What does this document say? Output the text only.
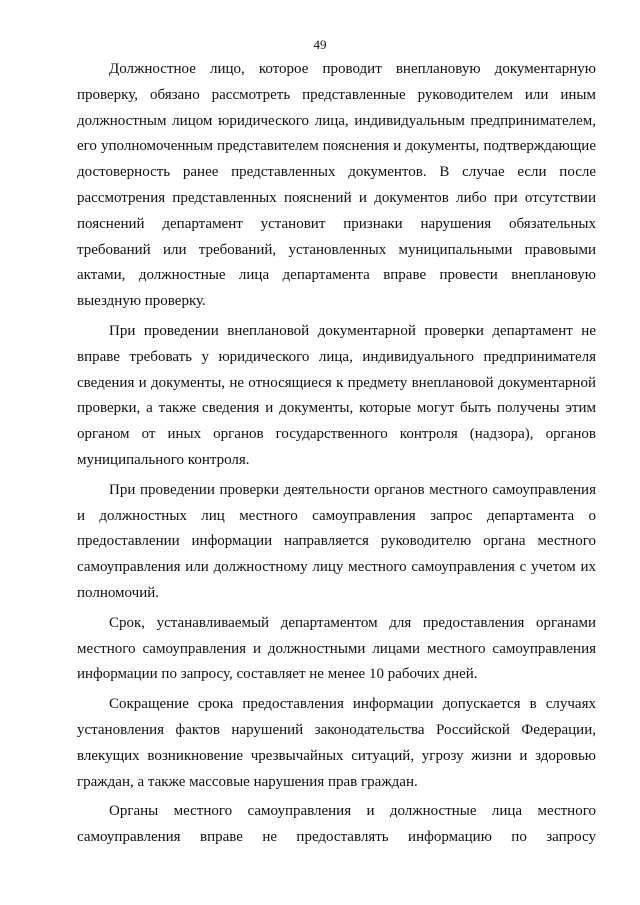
49

Должностное лицо, которое проводит внеплановую документарную проверку, обязано рассмотреть представленные руководителем или иным должностным лицом юридического лица, индивидуальным предпринимателем, его уполномоченным представителем пояснения и документы, подтверждающие достоверность ранее представленных документов. В случае если после рассмотрения представленных пояснений и документов либо при отсутствии пояснений департамент установит признаки нарушения обязательных требований или требований, установленных муниципальными правовыми актами, должностные лица департамента вправе провести внеплановую выездную проверку.

При проведении внеплановой документарной проверки департамент не вправе требовать у юридического лица, индивидуального предпринимателя сведения и документы, не относящиеся к предмету внеплановой документарной проверки, а также сведения и документы, которые могут быть получены этим органом от иных органов государственного контроля (надзора), органов муниципального контроля.

При проведении проверки деятельности органов местного самоуправления и должностных лиц местного самоуправления запрос департамента о предоставлении информации направляется руководителю органа местного самоуправления или должностному лицу местного самоуправления с учетом их полномочий.

Срок, устанавливаемый департаментом для предоставления органами местного самоуправления и должностными лицами местного самоуправления информации по запросу, составляет не менее 10 рабочих дней.

Сокращение срока предоставления информации допускается в случаях установления фактов нарушений законодательства Российской Федерации, влекущих возникновение чрезвычайных ситуаций, угрозу жизни и здоровью граждан, а также массовые нарушения прав граждан.

Органы местного самоуправления и должностные лица местного самоуправления вправе не предоставлять информацию по запросу
